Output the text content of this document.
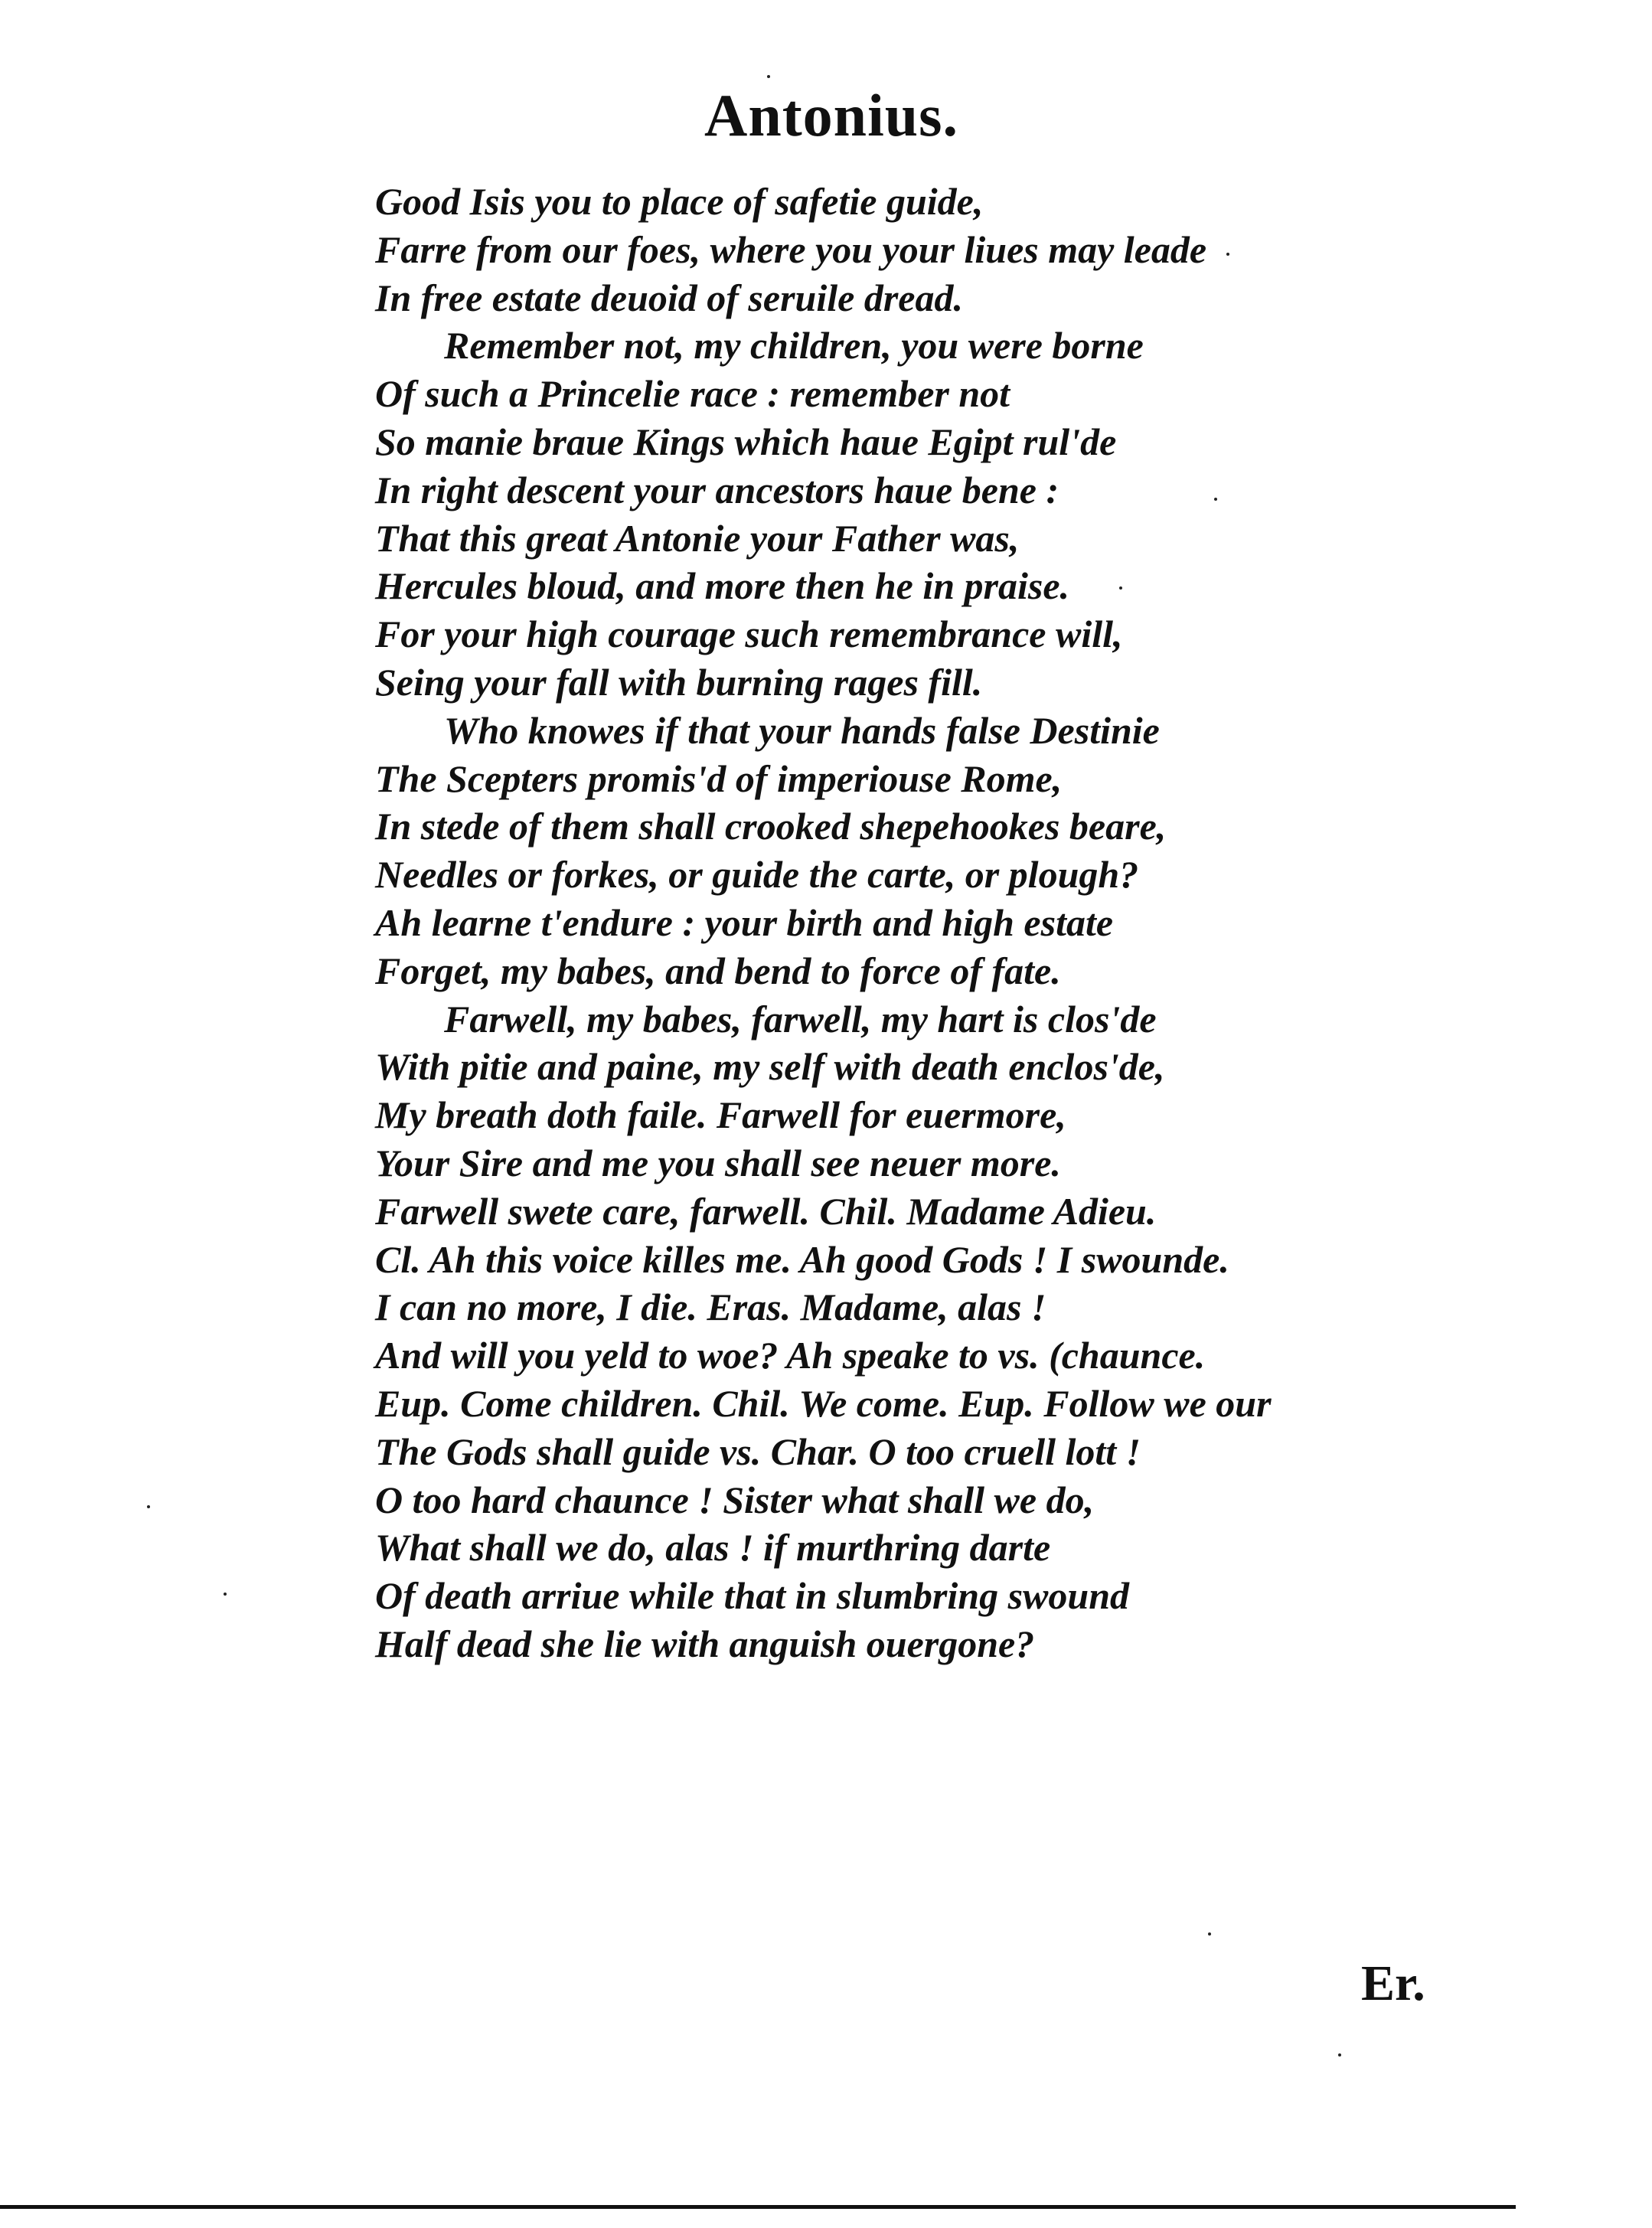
Antonius.
Good Isis you to place of safetie guide,
Farre from our foes, where you your liues may leade
In free estate deuoid of seruile dread.
Remember not, my children, you were borne
Of such a Princelie race : remember not
So manie braue Kings which haue Egipt rul'de
In right descent your ancestors haue bene :
That this great Antonie your Father was,
Hercules bloud, and more then he in praise.
For your high courage such remembrance will,
Seing your fall with burning rages fill.
Who knowes if that your hands false Destinie
The Scepters promis'd of imperiouse Rome,
In stede of them shall crooked shepehookes beare,
Needles or forkes, or guide the carte, or plough?
Ah learne t'endure : your birth and high estate
Forget, my babes, and bend to force of fate.
Farwell, my babes, farwell, my hart is clos'de
With pitie and paine, my self with death enclos'de,
My breath doth faile. Farwell for euermore,
Your Sire and me you shall see neuer more.
Farwell swete care, farwell. Chil. Madame Adieu.
Cl. Ah this voice killes me. Ah good Gods ! I swounde.
I can no more, I die. Eras. Madame, alas !
And will you yeld to woe? Ah speake to vs. (chaunce.
Eup. Come children. Chil. We come. Eup. Follow we our
The Gods shall guide vs. Char. O too cruell lott !
O too hard chaunce ! Sister what shall we do,
What shall we do, alas ! if murthring darte
Of death arriue while that in slumbring swound
Half dead she lie with anguish ouergone?
Er.
